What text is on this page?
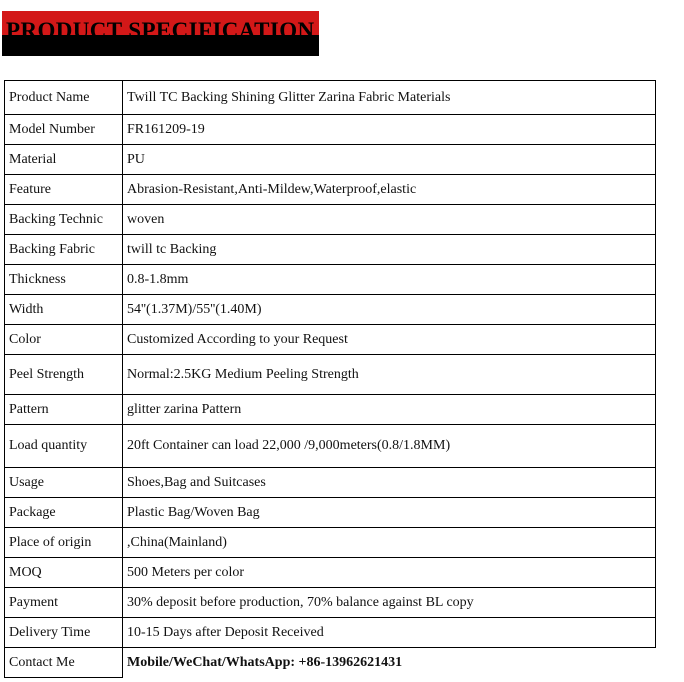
PRODUCT SPECIFICATION
Product Name	Twill TC Backing Shining Glitter Zarina Fabric Materials
Model Number	FR161209-19
Material	PU
Feature	Abrasion-Resistant,Anti-Mildew,Waterproof,elastic
Backing Technic	woven
Backing Fabric	twill tc Backing
Thickness	0.8-1.8mm
Width	54''(1.37M)/55''(1.40M)
Color	Customized According to your Request
Peel Strength	Normal:2.5KG Medium Peeling Strength
Pattern	glitter zarina Pattern
Load quantity	20ft Container can load 22,000 /9,000meters(0.8/1.8MM)
Usage	Shoes,Bag and Suitcases
Package	Plastic Bag/Woven Bag
Place of origin	,China(Mainland)
MOQ	500 Meters per color
Payment	30% deposit before production, 70% balance against BL copy
Delivery Time	10-15 Days after Deposit Received
Contact Me	Mobile/WeChat/WhatsApp: +86-13962621431
